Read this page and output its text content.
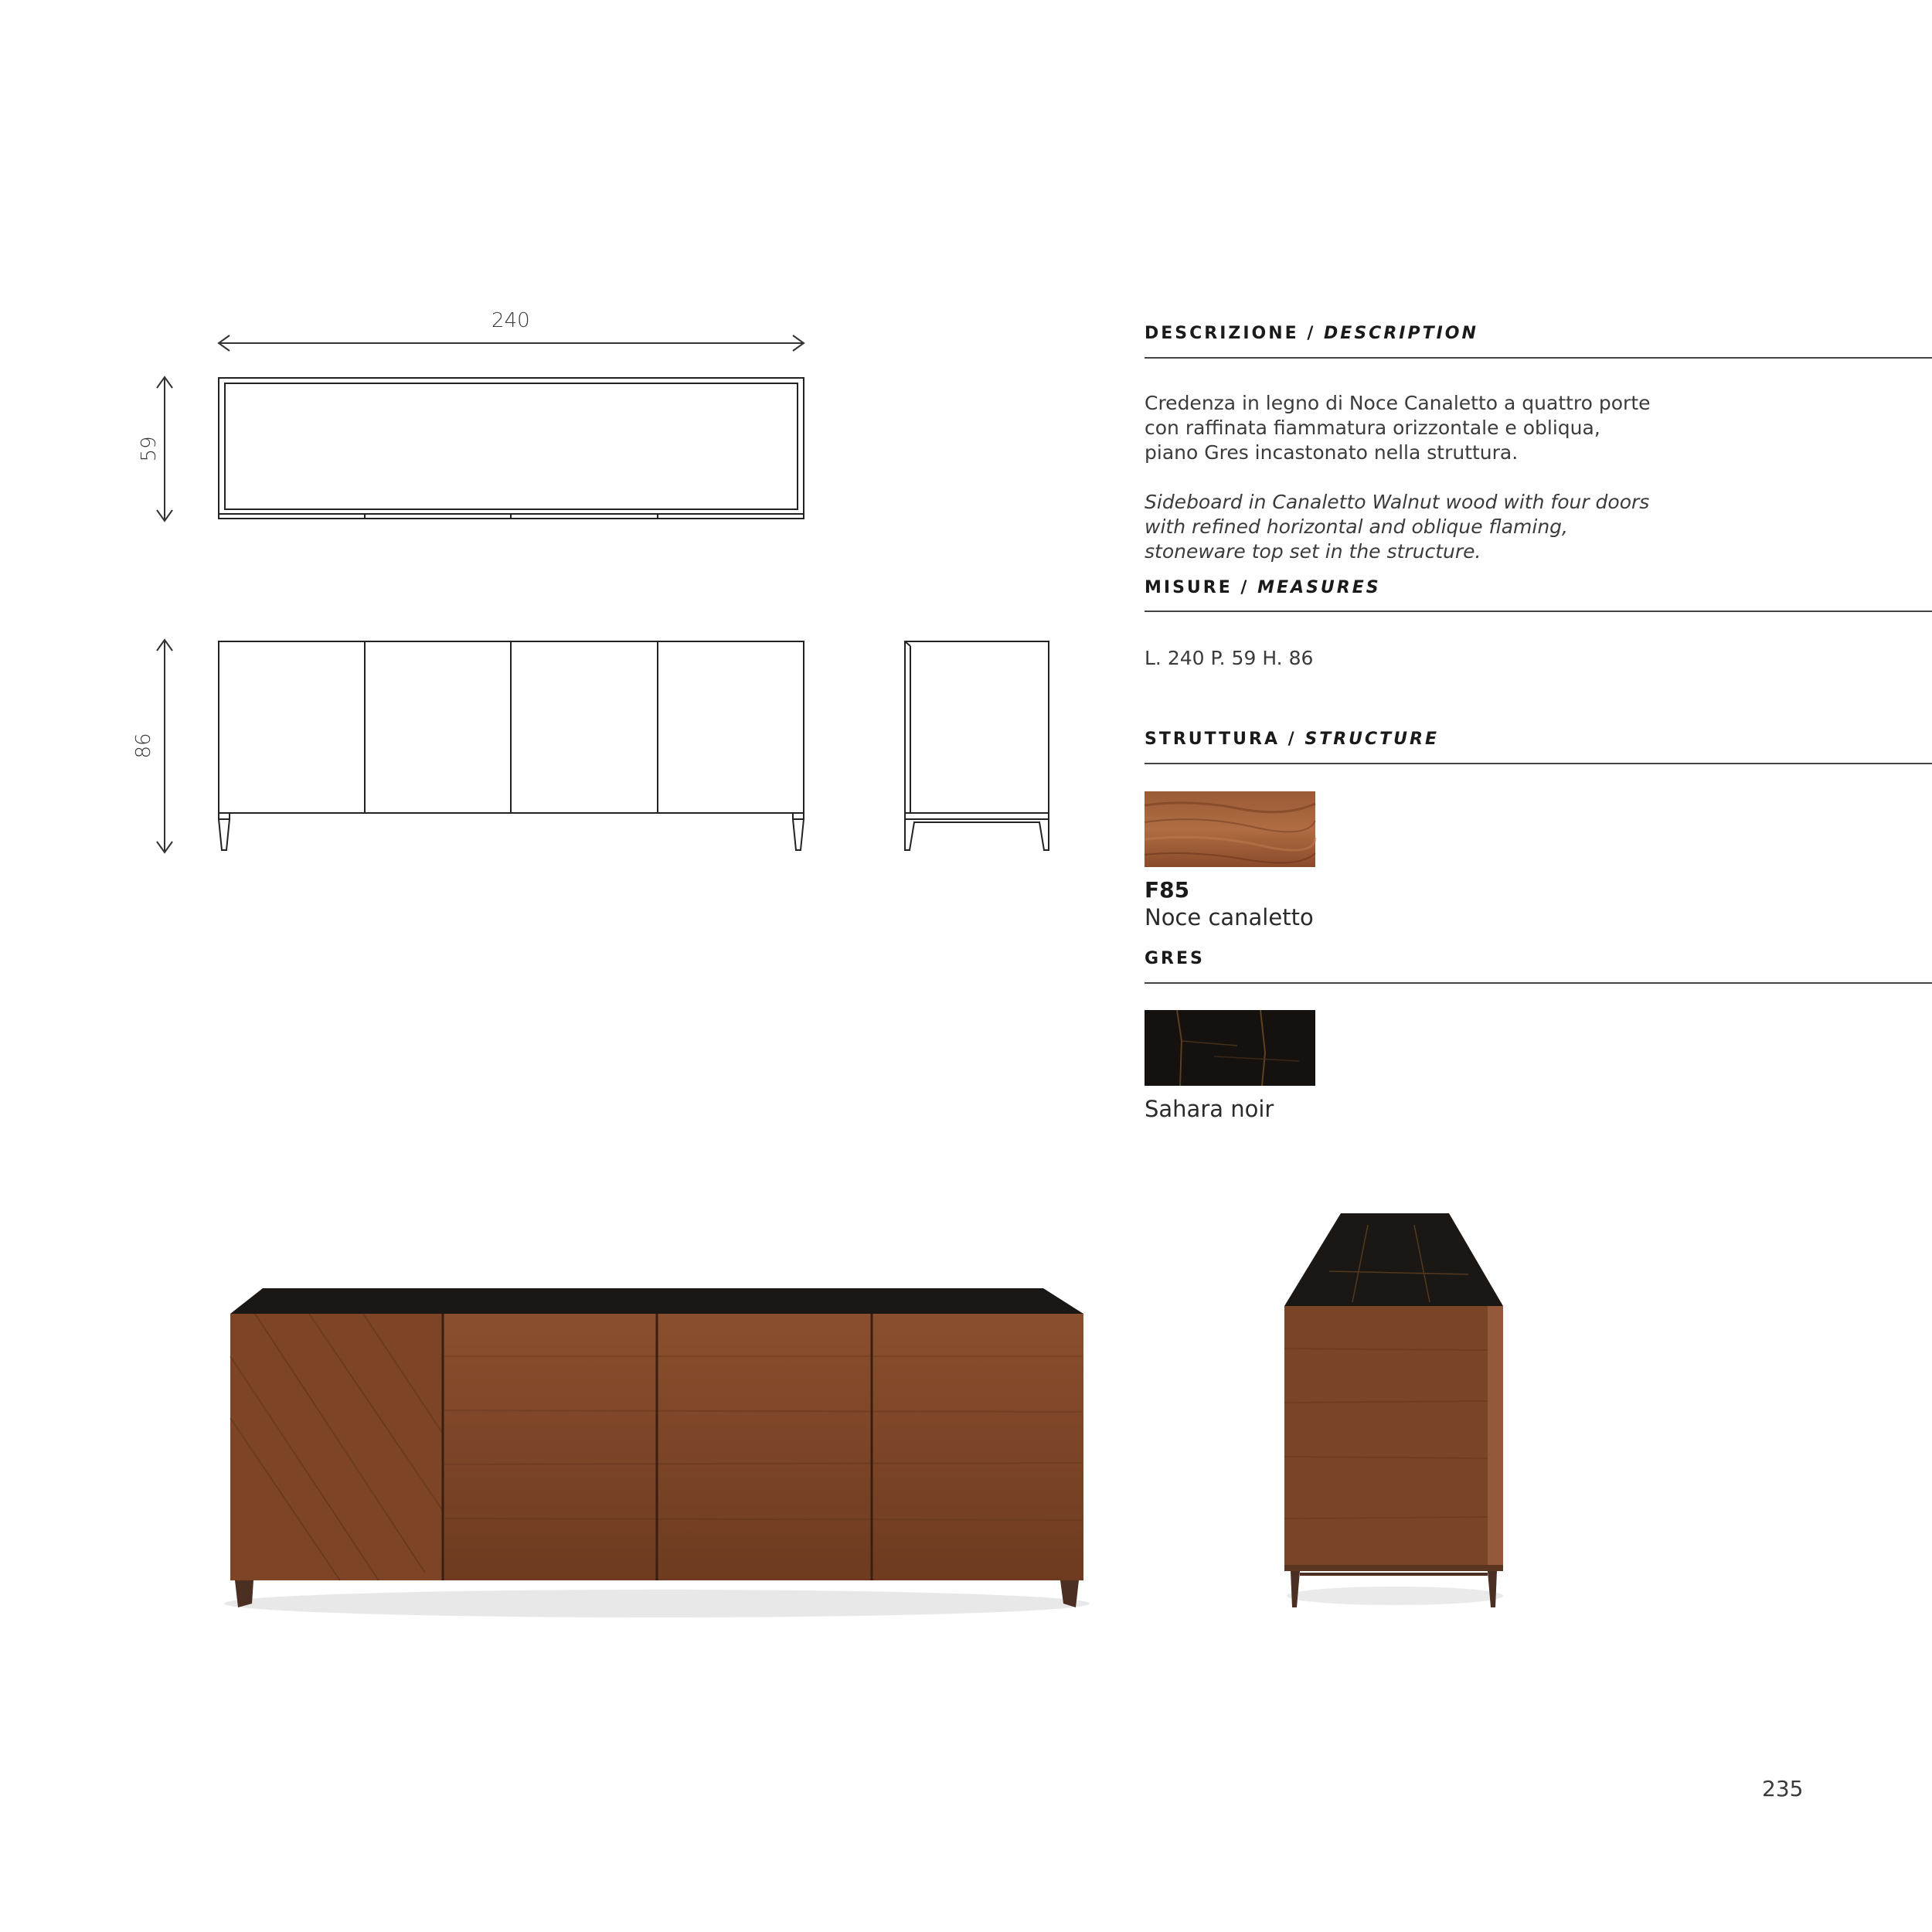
240
59
86
DESCRIZIONE / DESCRIPTION
Credenza in legno di Noce Canaletto a quattro porte con raffinata fiammatura orizzontale e obliqua, piano Gres incastonato nella struttura.
Sideboard in Canaletto Walnut wood with four doors with refined horizontal and oblique flaming, stoneware top set in the structure.
MISURE / MEASURES
L. 240 P. 59 H. 86
STRUTTURA / STRUCTURE
F85
Noce canaletto
GRES
Sahara noir
235
